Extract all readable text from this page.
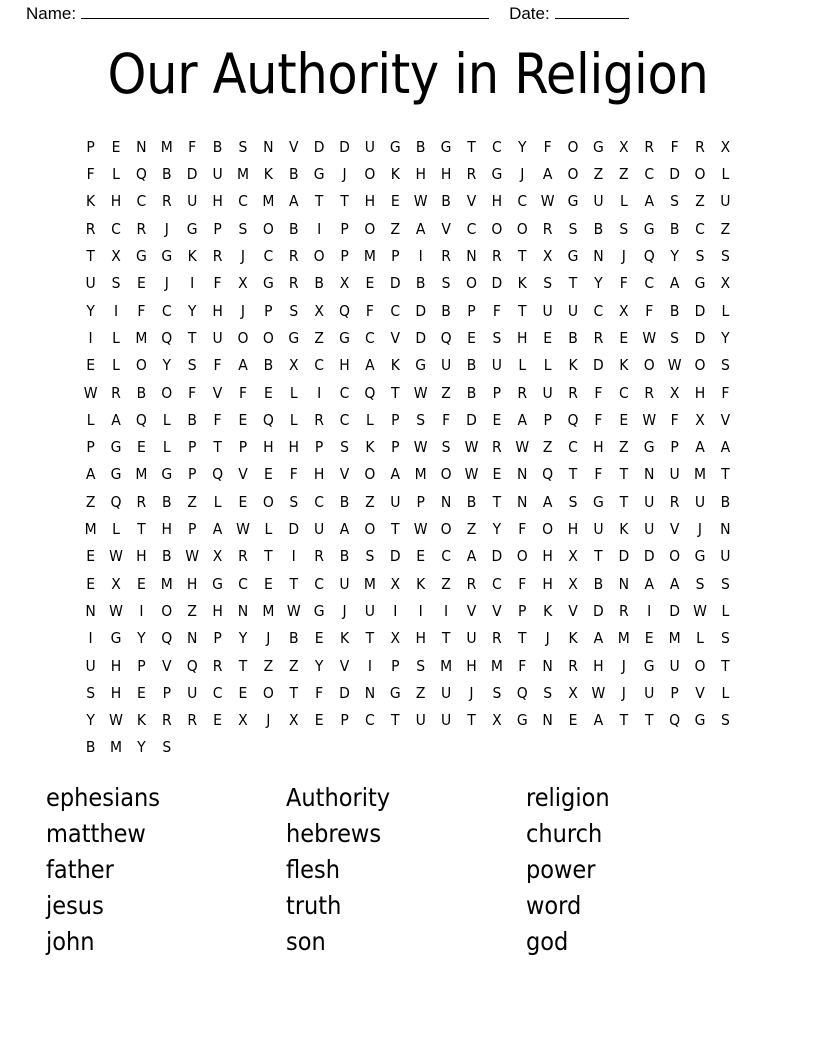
Name:	Date:
Our Authority in Religion
P E N M F B S N V D D U G B G T C Y F O G X R F R X
F L Q B D U M K B G J O K H H R G J A O Z Z C D O L
K H C R U H C M A T T H E W B V H C W G U L A S Z U
R C R J G P S O B I P O Z A V C O O R S B S G B C Z
T X G G K R J C R O P M P I R N R T X G N J Q Y S S
U S E J I F X G R B X E D B S O D K S T Y F C A G X
Y I F C Y H J P S X Q F C D B P F T U U C X F B D L
I L M Q T U O O G Z G C V D Q E S H E B R E W S D Y
E L O Y S F A B X C H A K G U B U L L K D K O W O S
W R B O F V F E L I C Q T W Z B P R U R F C R X H F
L A Q L B F E Q L R C L P S F D E A P Q F E W F X V
P G E L P T P H H P S K P W S W R W Z C H Z G P A A
A G M G P Q V E F H V O A M O W E N Q T F T N U M T
Z Q R B Z L E O S C B Z U P N B T N A S G T U R U B
M L T H P A W L D U A O T W O Z Y F O H U K U V J N
E W H B W X R T I R B S D E C A D O H X T D D O G U
E X E M H G C E T C U M X K Z R C F H X B N A A S S
N W I O Z H N M W G J U I I I V V P K V D R I D W L
I G Y Q N P Y J B E K T X H T U R T J K A M E M L S
U H P V Q R T Z Z Y V I P S M H M F N R H J G U O T
S H E P U C E O T F D N G Z U J S Q S X W J U P V L
Y W K R R E X J X E P C T U U T X G N E A T T Q G S
B M Y S
ephesians	Authority	religion
matthew	hebrews	church
father	flesh	power
jesus	truth	word
john	son	god
